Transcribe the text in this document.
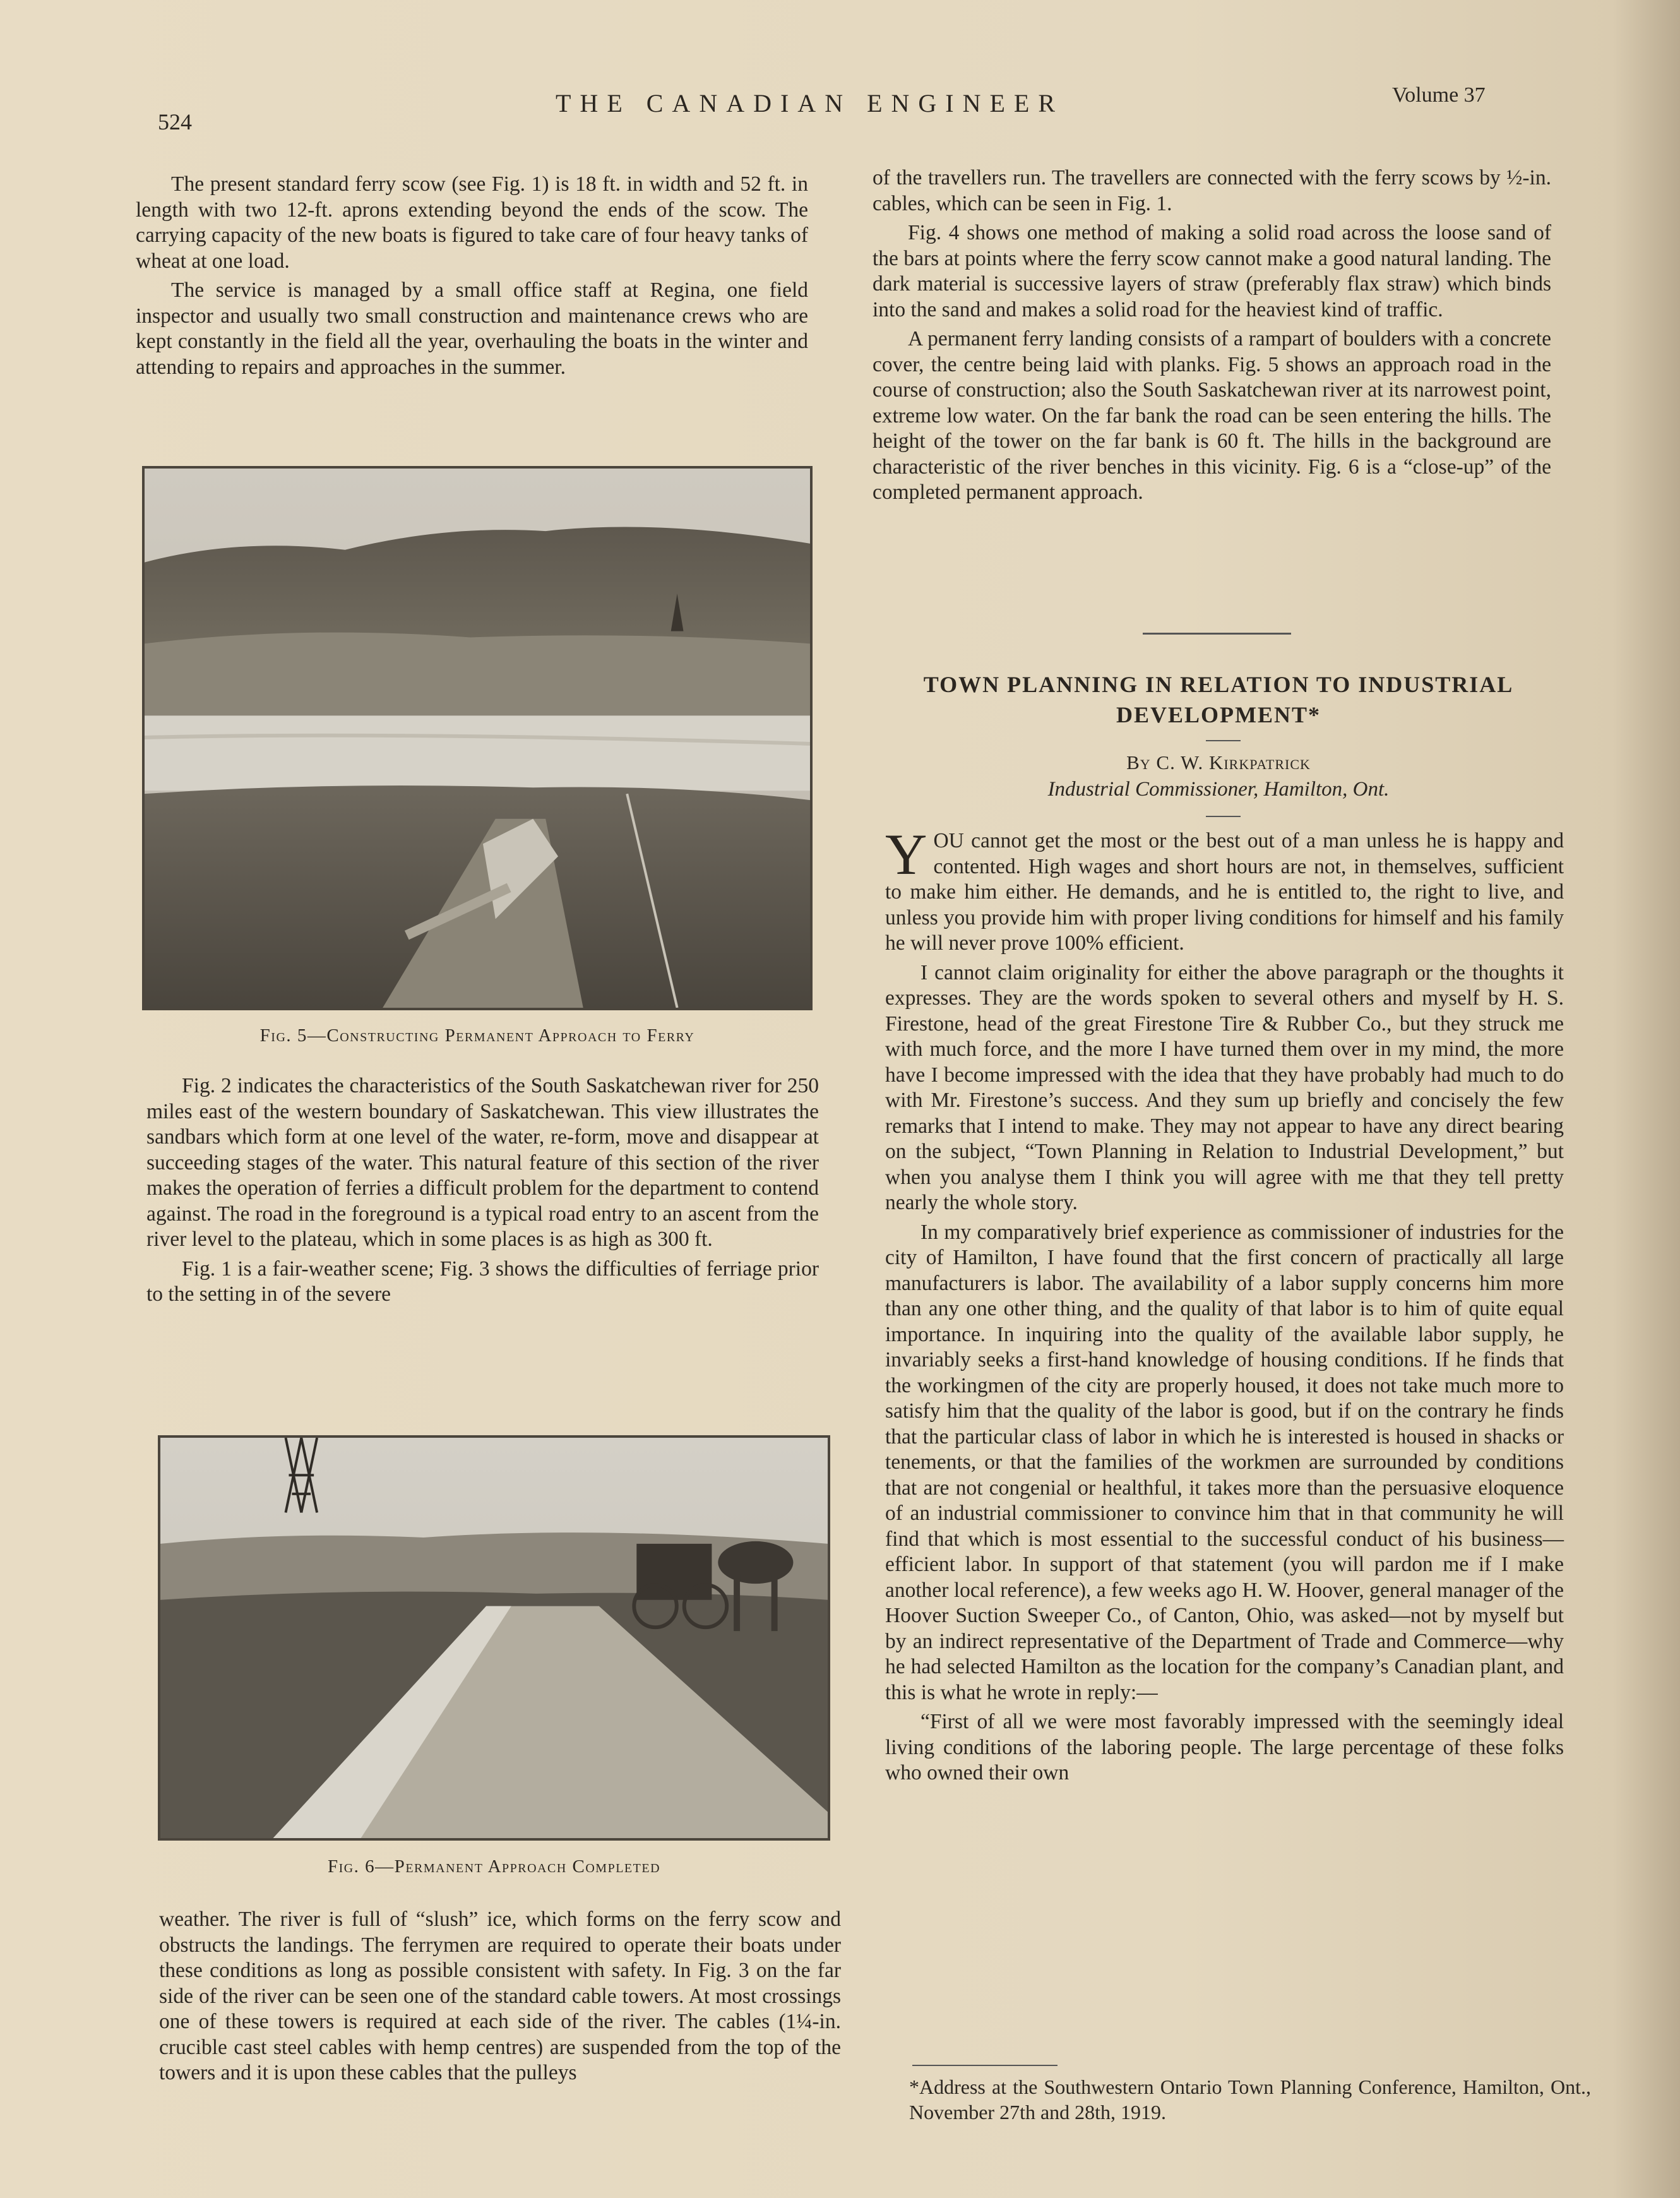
524
THE CANADIAN ENGINEER	Volume 37

The present standard ferry scow (see Fig. 1) is 18 ft. in width and 52 ft. in length with two 12-ft. aprons extending beyond the ends of the scow. The carrying capacity of the new boats is figured to take care of four heavy tanks of wheat at one load.

The service is managed by a small office staff at Regina, one field inspector and usually two small construction and maintenance crews who are kept constantly in the field all the year, overhauling the boats in the winter and attending to repairs and approaches in the summer.

Fig. 5—Constructing Permanent Approach to Ferry

Fig. 2 indicates the characteristics of the South Saskatchewan river for 250 miles east of the western boundary of Saskatchewan. This view illustrates the sandbars which form at one level of the water, re-form, move and disappear at succeeding stages of the water. This natural feature of this section of the river makes the operation of ferries a difficult problem for the department to contend against. The road in the foreground is a typical road entry to an ascent from the river level to the plateau, which in some places is as high as 300 ft.

Fig. 1 is a fair-weather scene; Fig. 3 shows the difficulties of ferriage prior to the setting in of the severe

Fig. 6—Permanent Approach Completed

weather. The river is full of “slush” ice, which forms on the ferry scow and obstructs the landings. The ferrymen are required to operate their boats under these conditions as long as possible consistent with safety. In Fig. 3 on the far side of the river can be seen one of the standard cable towers. At most crossings one of these towers is required at each side of the river. The cables (1¼-in. crucible cast steel cables with hemp centres) are suspended from the top of the towers and it is upon these cables that the pulleys

of the travellers run. The travellers are connected with the ferry scows by ½-in. cables, which can be seen in Fig. 1.

Fig. 4 shows one method of making a solid road across the loose sand of the bars at points where the ferry scow cannot make a good natural landing. The dark material is successive layers of straw (preferably flax straw) which binds into the sand and makes a solid road for the heaviest kind of traffic.

A permanent ferry landing consists of a rampart of boulders with a concrete cover, the centre being laid with planks. Fig. 5 shows an approach road in the course of construction; also the South Saskatchewan river at its narrowest point, extreme low water. On the far bank the road can be seen entering the hills. The height of the tower on the far bank is 60 ft. The hills in the background are characteristic of the river benches in this vicinity. Fig. 6 is a “close-up” of the completed permanent approach.

TOWN PLANNING IN RELATION TO INDUSTRIAL DEVELOPMENT*
By C. W. Kirkpatrick
Industrial Commissioner, Hamilton, Ont.

YOU cannot get the most or the best out of a man unless he is happy and contented. High wages and short hours are not, in themselves, sufficient to make him either. He demands, and he is entitled to, the right to live, and unless you provide him with proper living conditions for himself and his family he will never prove 100% efficient.

I cannot claim originality for either the above paragraph or the thoughts it expresses. They are the words spoken to several others and myself by H. S. Firestone, head of the great Firestone Tire & Rubber Co., but they struck me with much force, and the more I have turned them over in my mind, the more have I become impressed with the idea that they have probably had much to do with Mr. Firestone’s success. And they sum up briefly and concisely the few remarks that I intend to make. They may not appear to have any direct bearing on the subject, “Town Planning in Relation to Industrial Development,” but when you analyse them I think you will agree with me that they tell pretty nearly the whole story.

In my comparatively brief experience as commissioner of industries for the city of Hamilton, I have found that the first concern of practically all large manufacturers is labor. The availability of a labor supply concerns him more than any one other thing, and the quality of that labor is to him of quite equal importance. In inquiring into the quality of the available labor supply, he invariably seeks a first-hand knowledge of housing conditions. If he finds that the workingmen of the city are properly housed, it does not take much more to satisfy him that the quality of the labor is good, but if on the contrary he finds that the particular class of labor in which he is interested is housed in shacks or tenements, or that the families of the workmen are surrounded by conditions that are not congenial or healthful, it takes more than the persuasive eloquence of an industrial commissioner to convince him that in that community he will find that which is most essential to the successful conduct of his business—efficient labor. In support of that statement (you will pardon me if I make another local reference), a few weeks ago H. W. Hoover, general manager of the Hoover Suction Sweeper Co., of Canton, Ohio, was asked—not by myself but by an indirect representative of the Department of Trade and Commerce—why he had selected Hamilton as the location for the company’s Canadian plant, and this is what he wrote in reply:—

“First of all we were most favorably impressed with the seemingly ideal living conditions of the laboring people. The large percentage of these folks who owned their own

*Address at the Southwestern Ontario Town Planning Conference, Hamilton, Ont., November 27th and 28th, 1919.
